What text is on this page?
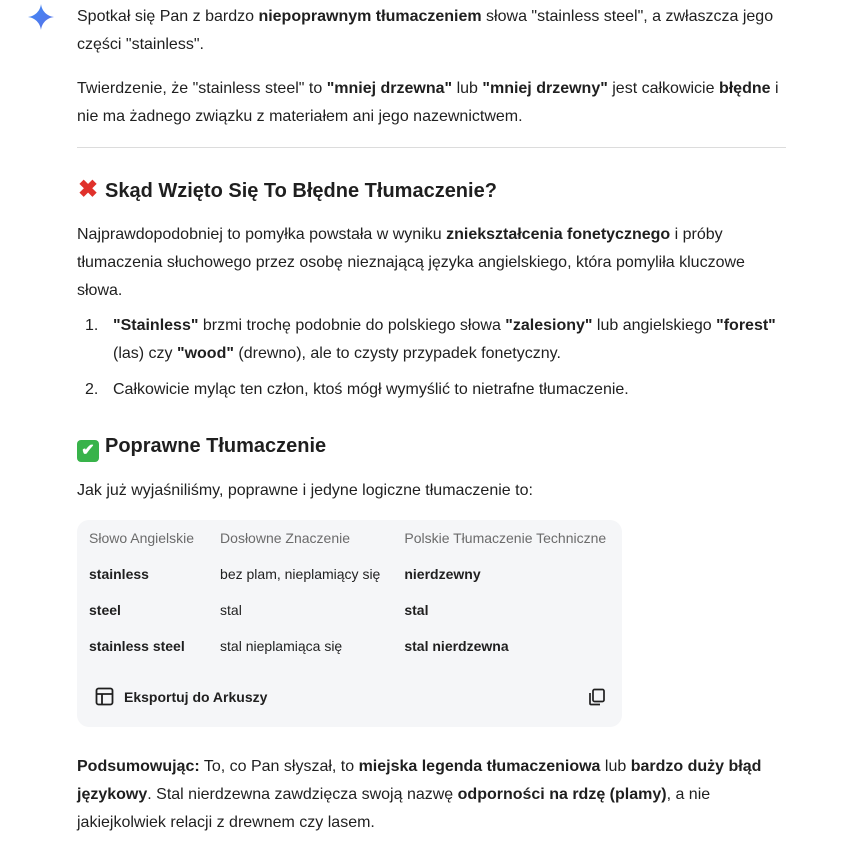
Spotkał się Pan z bardzo niepoprawnym tłumaczeniem słowa "stainless steel", a zwłaszcza jego części "stainless".

Twierdzenie, że "stainless steel" to "mniej drzewna" lub "mniej drzewny" jest całkowicie błędne i nie ma żadnego związku z materiałem ani jego nazewnictwem.

✖ Skąd Wzięto Się To Błędne Tłumaczenie?

Najprawdopodobniej to pomyłka powstała w wyniku zniekształcenia fonetycznego i próby tłumaczenia słuchowego przez osobę nieznającą języka angielskiego, która pomyliła kluczowe słowa.

1. "Stainless" brzmi trochę podobnie do polskiego słowa "zalesiony" lub angielskiego "forest" (las) czy "wood" (drewno), ale to czysty przypadek fonetyczny.
2. Całkowicie myląc ten człon, ktoś mógł wymyślić to nietrafne tłumaczenie.
✔ Poprawne Tłumaczenie

Jak już wyjaśniliśmy, poprawne i jedyne logiczne tłumaczenie to:

Słowo Angielskie	Dosłowne Znaczenie	Polskie Tłumaczenie Techniczne
stainless	bez plam, nieplamiący się	nierdzewny
steel	stal	stal
stainless steel	stal nieplamiąca się	stal nierdzewna
Eksportuj do Arkuszy

Podsumowując: To, co Pan słyszał, to miejska legenda tłumaczeniowa lub bardzo duży błąd językowy. Stal nierdzewna zawdzięcza swoją nazwę odporności na rdzę (plamy), a nie jakiejkolwiek relacji z drewnem czy lasem.
